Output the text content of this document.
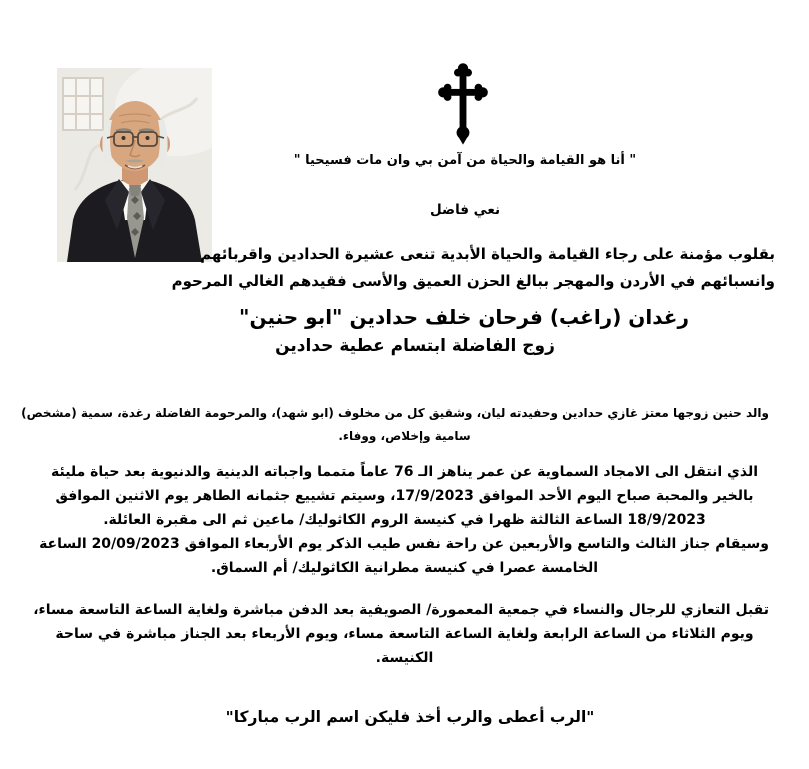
" أنا هو القيامة والحياة من آمن بي وان مات فسيحيا "
نعي فاضل
بقلوب مؤمنة على رجاء القيامة والحياة الأبدية تنعى عشيرة الحدادين واقربائهم
وانسبائهم في الأردن والمهجر ببالغ الحزن العميق والأسى فقيدهم الغالي المرحوم
رغدان (راغب) فرحان خلف حدادين "ابو حنين"
زوج الفاضلة ابتسام عطية حدادين
والد حنين زوجها معتز غازي حدادين وحفيدته ليان، وشقيق كل من مخلوف (ابو شهد)، والمرحومة الفاضلة رغدة، سمية (مشخص)
سامية وإخلاص، ووفاء.
الذي انتقل الى الامجاد السماوية عن عمر يناهز الـ 76 عاماً متمما واجباته الدينية والدنيوية بعد حياة مليئة
بالخير والمحبة صباح اليوم الأحد الموافق 17/9/2023، وسيتم تشييع جثمانه الطاهر يوم الاثنين الموافق
18/9/2023 الساعة الثالثة ظهرا في كنيسة الروم الكاثوليك/ ماعين ثم الى مقبرة العائلة.
وسيقام جناز الثالث والتاسع والأربعين عن راحة نفس طيب الذكر يوم الأربعاء الموافق 20/09/2023 الساعة
الخامسة عصرا في كنيسة مطرانية الكاثوليك/ أم السماق.
تقبل التعازي للرجال والنساء في جمعية المعمورة/ الصويفية بعد الدفن مباشرة ولغاية الساعة التاسعة مساء،
ويوم الثلاثاء من الساعة الرابعة ولغاية الساعة التاسعة مساء، ويوم الأربعاء بعد الجناز مباشرة في ساحة
الكنيسة.
"الرب أعطى والرب أخذ فليكن اسم الرب مباركا"
